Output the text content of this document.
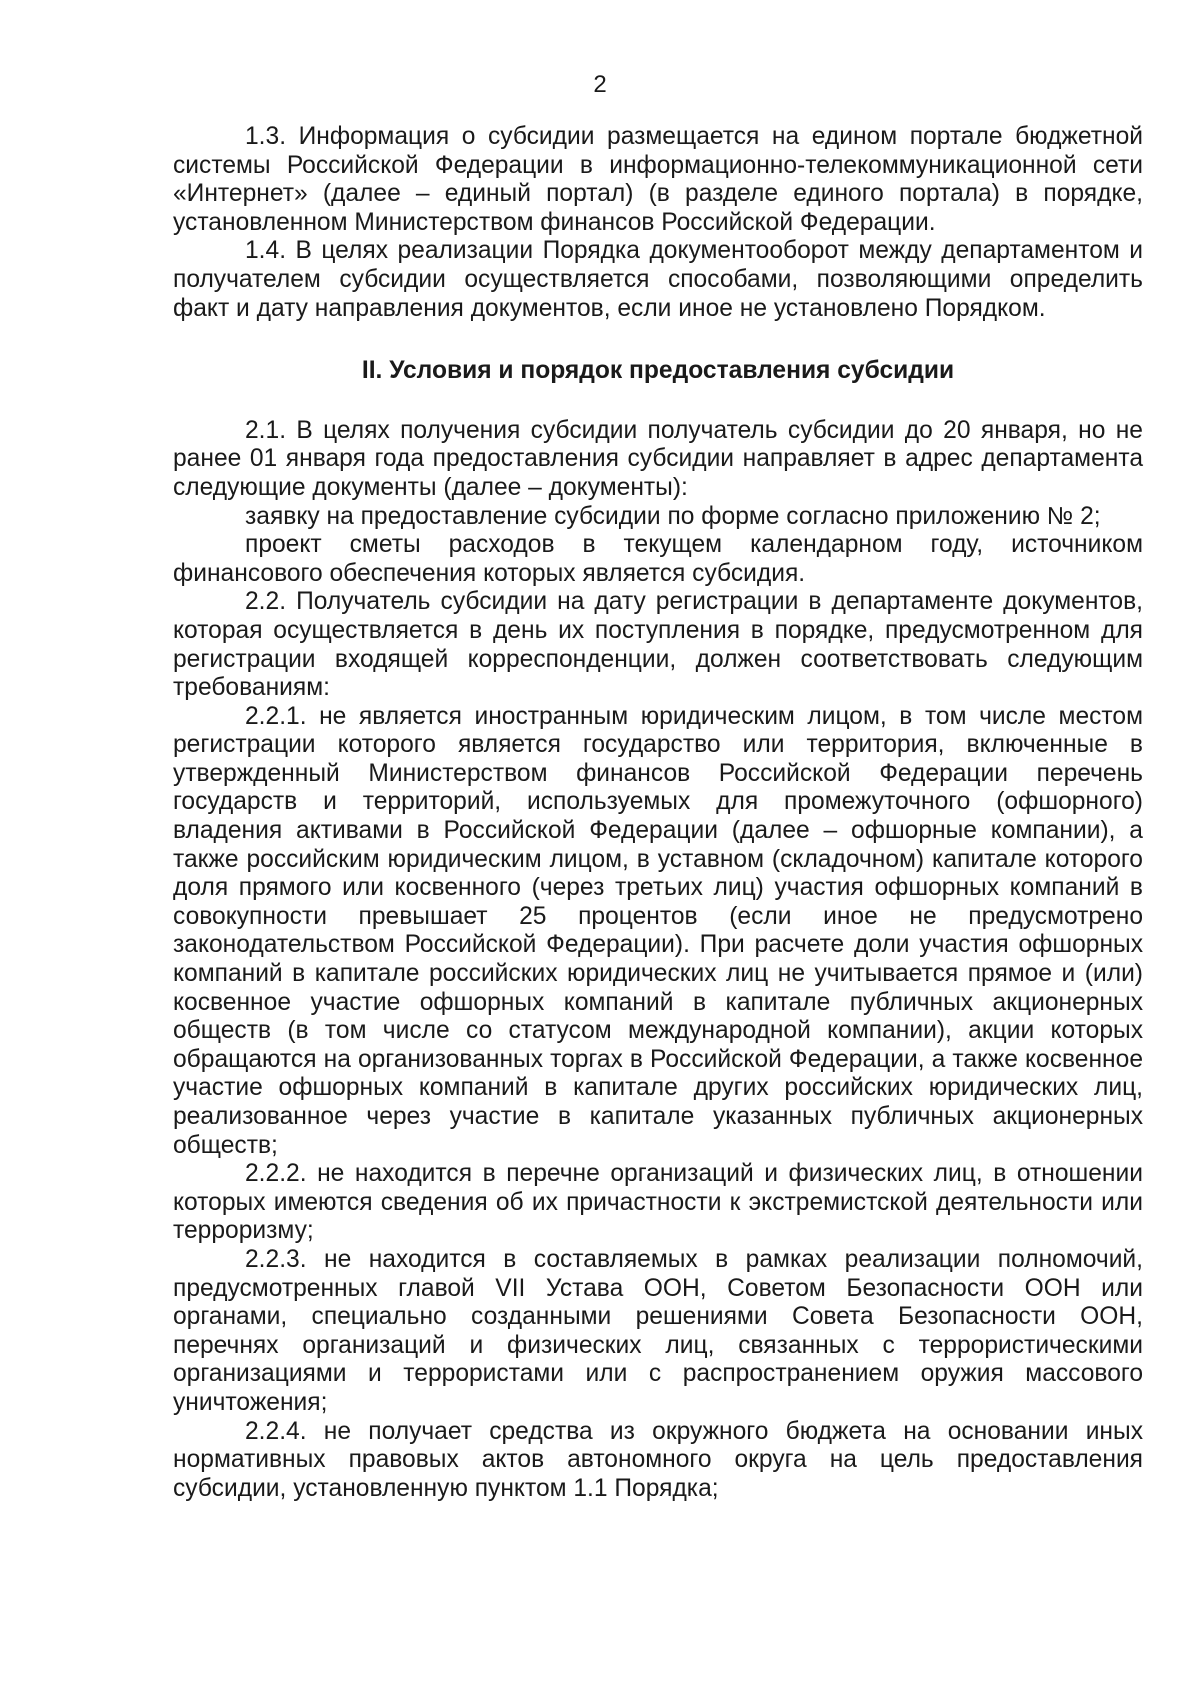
2

1.3. Информация о субсидии размещается на едином портале бюджетной системы Российской Федерации в информационно-телекоммуникационной сети «Интернет» (далее – единый портал) (в разделе единого портала) в порядке, установленном Министерством финансов Российской Федерации.

1.4. В целях реализации Порядка документооборот между департаментом и получателем субсидии осуществляется способами, позволяющими определить факт и дату направления документов, если иное не установлено Порядком.

II. Условия и порядок предоставления субсидии

2.1. В целях получения субсидии получатель субсидии до 20 января, но не ранее 01 января года предоставления субсидии направляет в адрес департамента следующие документы (далее – документы):

заявку на предоставление субсидии по форме согласно приложению № 2;

проект сметы расходов в текущем календарном году, источником финансового обеспечения которых является субсидия.

2.2. Получатель субсидии на дату регистрации в департаменте документов, которая осуществляется в день их поступления в порядке, предусмотренном для регистрации входящей корреспонденции, должен соответствовать следующим требованиям:

2.2.1. не является иностранным юридическим лицом, в том числе местом регистрации которого является государство или территория, включенные в утвержденный Министерством финансов Российской Федерации перечень государств и территорий, используемых для промежуточного (офшорного) владения активами в Российской Федерации (далее – офшорные компании), а также российским юридическим лицом, в уставном (складочном) капитале которого доля прямого или косвенного (через третьих лиц) участия офшорных компаний в совокупности превышает 25 процентов (если иное не предусмотрено законодательством Российской Федерации). При расчете доли участия офшорных компаний в капитале российских юридических лиц не учитывается прямое и (или) косвенное участие офшорных компаний в капитале публичных акционерных обществ (в том числе со статусом международной компании), акции которых обращаются на организованных торгах в Российской Федерации, а также косвенное участие офшорных компаний в капитале других российских юридических лиц, реализованное через участие в капитале указанных публичных акционерных обществ;

2.2.2. не находится в перечне организаций и физических лиц, в отношении которых имеются сведения об их причастности к экстремистской деятельности или терроризму;

2.2.3. не находится в составляемых в рамках реализации полномочий, предусмотренных главой VII Устава ООН, Советом Безопасности ООН или органами, специально созданными решениями Совета Безопасности ООН, перечнях организаций и физических лиц, связанных с террористическими организациями и террористами или с распространением оружия массового уничтожения;

2.2.4. не получает средства из окружного бюджета на основании иных нормативных правовых актов автономного округа на цель предоставления субсидии, установленную пунктом 1.1 Порядка;
